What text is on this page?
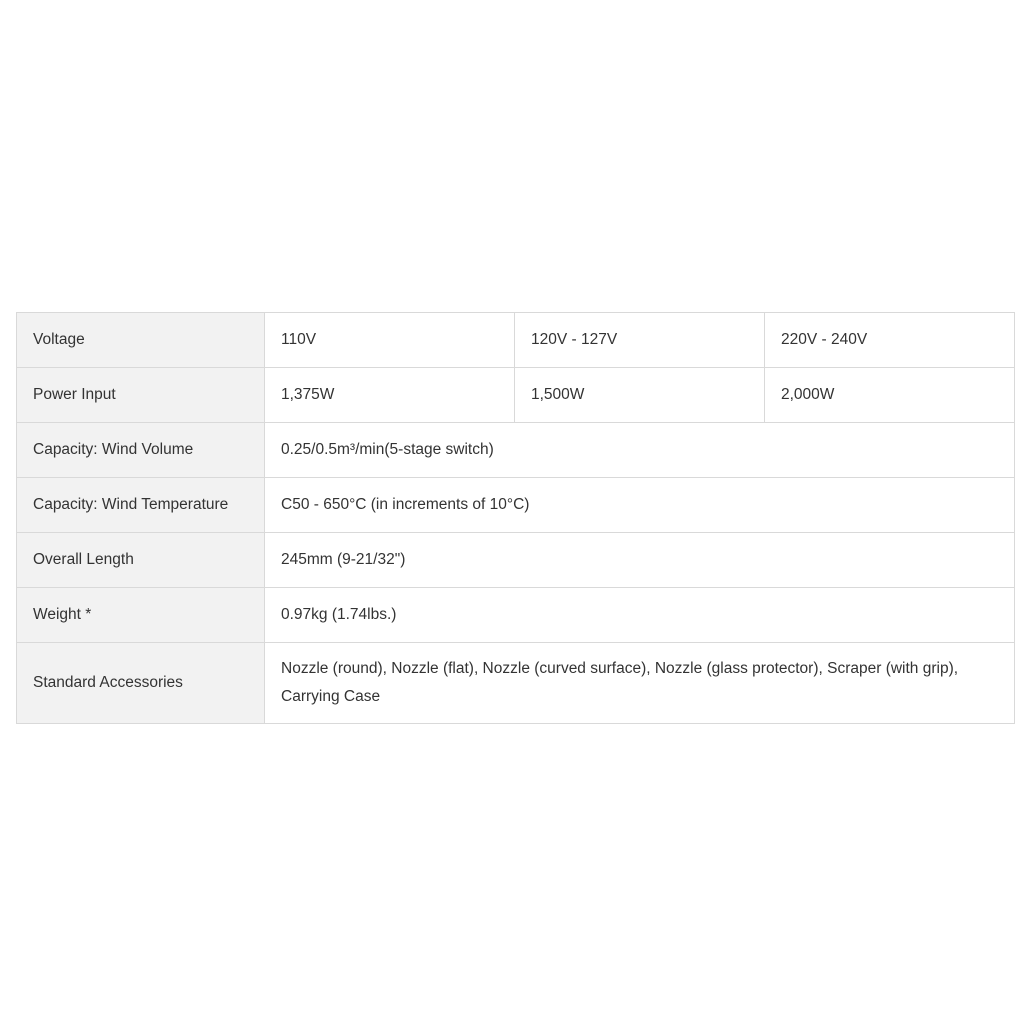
Voltage	110V	120V - 127V	220V - 240V
Power Input	1,375W	1,500W	2,000W
Capacity: Wind Volume	0.25/0.5m³/min(5-stage switch)		
Capacity: Wind Temperature	C50 - 650°C (in increments of 10°C)		
Overall Length	245mm (9-21/32")		
Weight *	0.97kg (1.74lbs.)		
Standard Accessories	Nozzle (round), Nozzle (flat), Nozzle (curved surface), Nozzle (glass protector), Scraper (with grip), Carrying Case		
